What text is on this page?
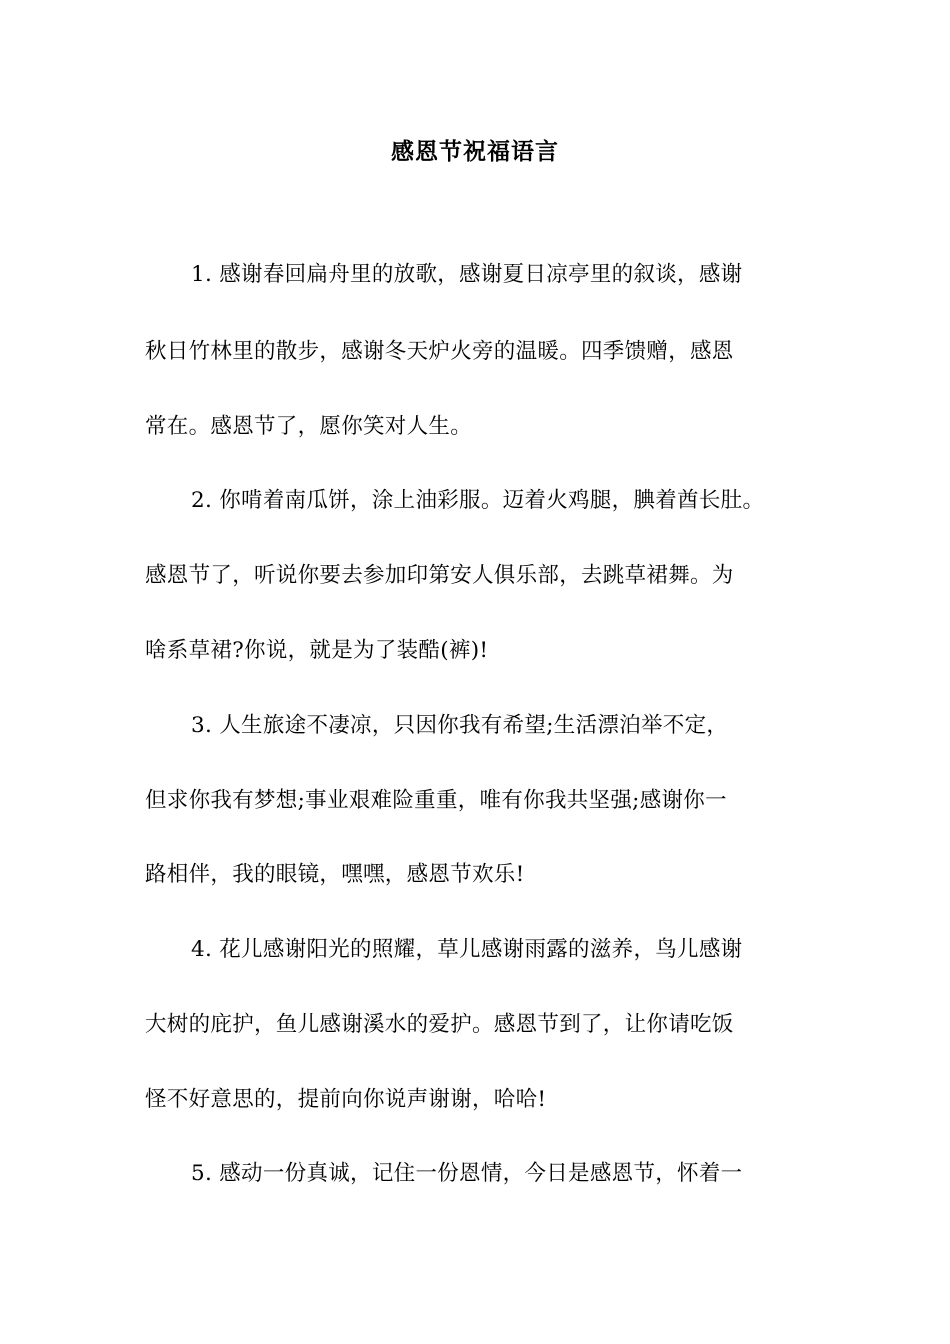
感恩节祝福语言
1. 感谢春回扁舟里的放歌，感谢夏日凉亭里的叙谈，感谢
秋日竹林里的散步，感谢冬天炉火旁的温暖。四季馈赠，感恩
常在。感恩节了，愿你笑对人生。
2. 你啃着南瓜饼，涂上油彩服。迈着火鸡腿，腆着酋长肚。
感恩节了，听说你要去参加印第安人俱乐部，去跳草裙舞。为
啥系草裙?你说，就是为了装酷(裤)!
3. 人生旅途不凄凉，只因你我有希望;生活漂泊举不定，
但求你我有梦想;事业艰难险重重，唯有你我共坚强;感谢你一
路相伴，我的眼镜，嘿嘿，感恩节欢乐!
4. 花儿感谢阳光的照耀，草儿感谢雨露的滋养，鸟儿感谢
大树的庇护，鱼儿感谢溪水的爱护。感恩节到了，让你请吃饭
怪不好意思的，提前向你说声谢谢，哈哈!
5. 感动一份真诚，记住一份恩情，今日是感恩节，怀着一
